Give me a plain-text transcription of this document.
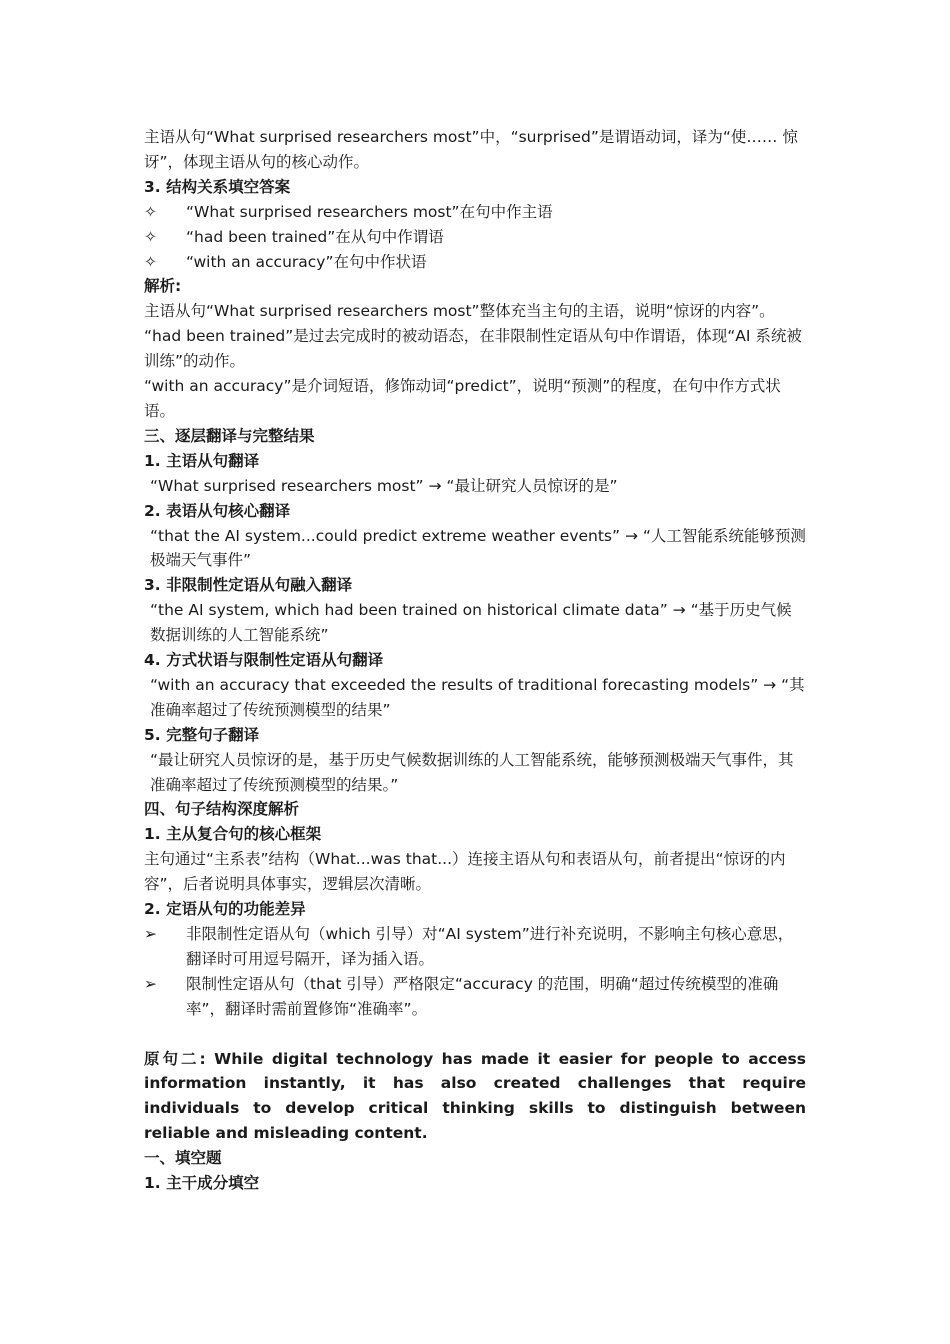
主语从句“What surprised researchers most”中，“surprised”是谓语动词，译为“使…… 惊讶”，体现主语从句的核心动作。

3. 结构关系填空答案

✧	“What surprised researchers most”在句中作主语
✧	“had been trained”在从句中作谓语
✧	“with an accuracy”在句中作状语

解析:

主语从句“What surprised researchers most”整体充当主句的主语，说明“惊讶的内容”。

“had been trained”是过去完成时的被动语态，在非限制性定语从句中作谓语，体现“AI 系统被训练”的动作。

“with an accuracy”是介词短语，修饰动词“predict”，说明“预测”的程度，在句中作方式状语。

三、逐层翻译与完整结果

1. 主语从句翻译

“What surprised researchers most” → “最让研究人员惊讶的是”

2. 表语从句核心翻译

“that the AI system...could predict extreme weather events” → “人工智能系统能够预测极端天气事件”

3. 非限制性定语从句融入翻译

“the AI system, which had been trained on historical climate data” → “基于历史气候数据训练的人工智能系统”

4. 方式状语与限制性定语从句翻译

“with an accuracy that exceeded the results of traditional forecasting models” → “其准确率超过了传统预测模型的结果”

5. 完整句子翻译

“最让研究人员惊讶的是，基于历史气候数据训练的人工智能系统，能够预测极端天气事件，其准确率超过了传统预测模型的结果。”

四、句子结构深度解析

1. 主从复合句的核心框架

主句通过“主系表”结构（What...was that...）连接主语从句和表语从句，前者提出“惊讶的内容”，后者说明具体事实，逻辑层次清晰。

2. 定语从句的功能差异

➢	非限制性定语从句（which 引导）对“AI system”进行补充说明，不影响主句核心意思，翻译时可用逗号隔开，译为插入语。
➢	限制性定语从句（that 引导）严格限定“accuracy 的范围，明确“超过传统模型的准确率”，翻译时需前置修饰“准确率”。

原句二: While digital technology has made it easier for people to access information instantly, it has also created challenges that require individuals to develop critical thinking skills to distinguish between reliable and misleading content.

一、填空题

1. 主干成分填空
